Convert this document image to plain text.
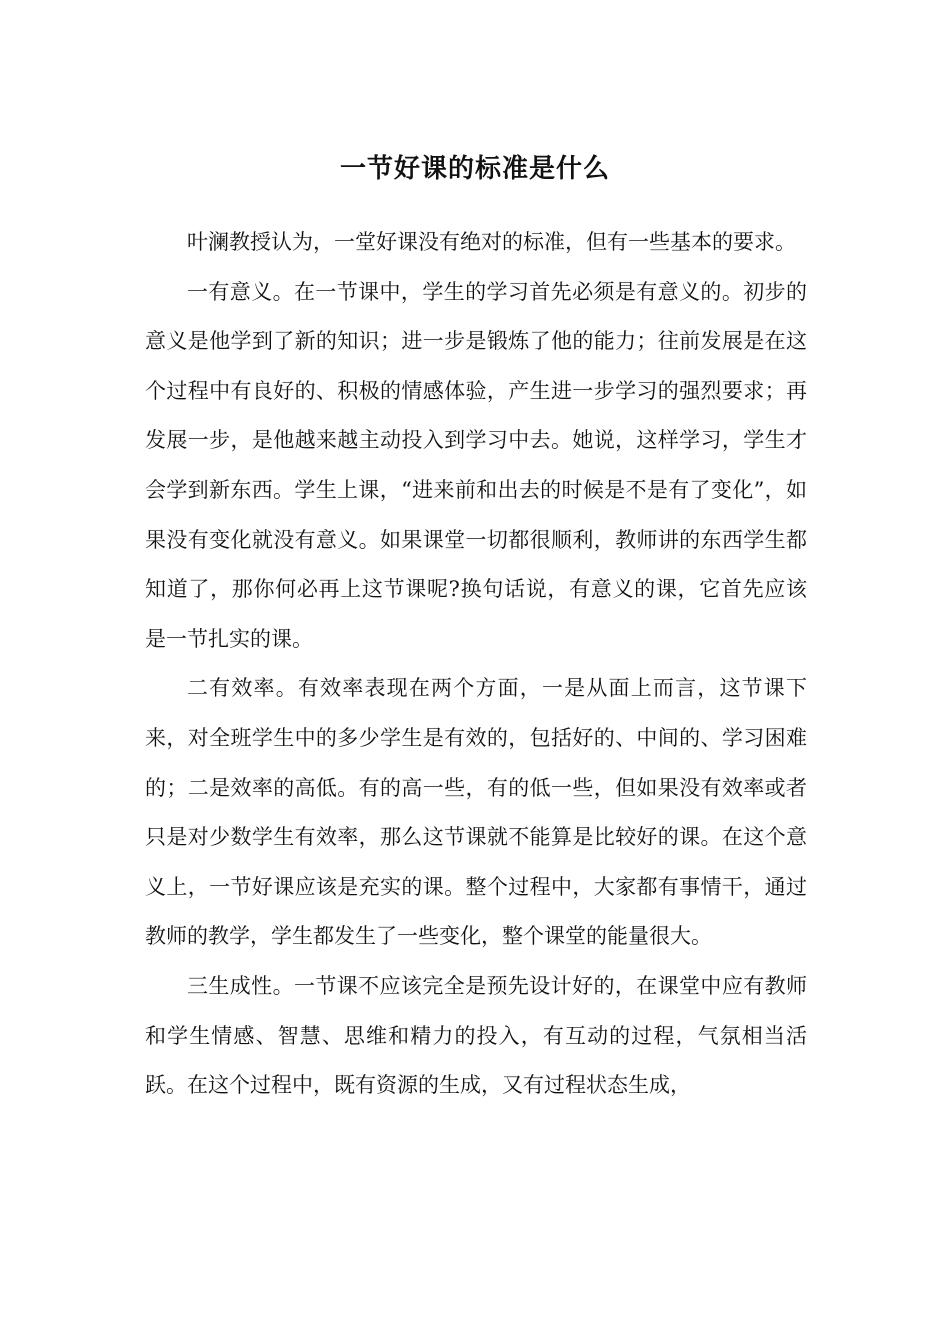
一节好课的标准是什么

叶澜教授认为，一堂好课没有绝对的标准，但有一些基本的要求。

一有意义。在一节课中，学生的学习首先必须是有意义的。初步的意义是他学到了新的知识；进一步是锻炼了他的能力；往前发展是在这个过程中有良好的、积极的情感体验，产生进一步学习的强烈要求；再发展一步，是他越来越主动投入到学习中去。她说，这样学习，学生才会学到新东西。学生上课，“进来前和出去的时候是不是有了变化”，如果没有变化就没有意义。如果课堂一切都很顺利，教师讲的东西学生都知道了，那你何必再上这节课呢?换句话说，有意义的课，它首先应该是一节扎实的课。

二有效率。有效率表现在两个方面，一是从面上而言，这节课下来，对全班学生中的多少学生是有效的，包括好的、中间的、学习困难的；二是效率的高低。有的高一些，有的低一些，但如果没有效率或者只是对少数学生有效率，那么这节课就不能算是比较好的课。在这个意义上，一节好课应该是充实的课。整个过程中，大家都有事情干，通过教师的教学，学生都发生了一些变化，整个课堂的能量很大。

三生成性。一节课不应该完全是预先设计好的，在课堂中应有教师和学生情感、智慧、思维和精力的投入，有互动的过程，气氛相当活跃。在这个过程中，既有资源的生成，又有过程状态生成，
